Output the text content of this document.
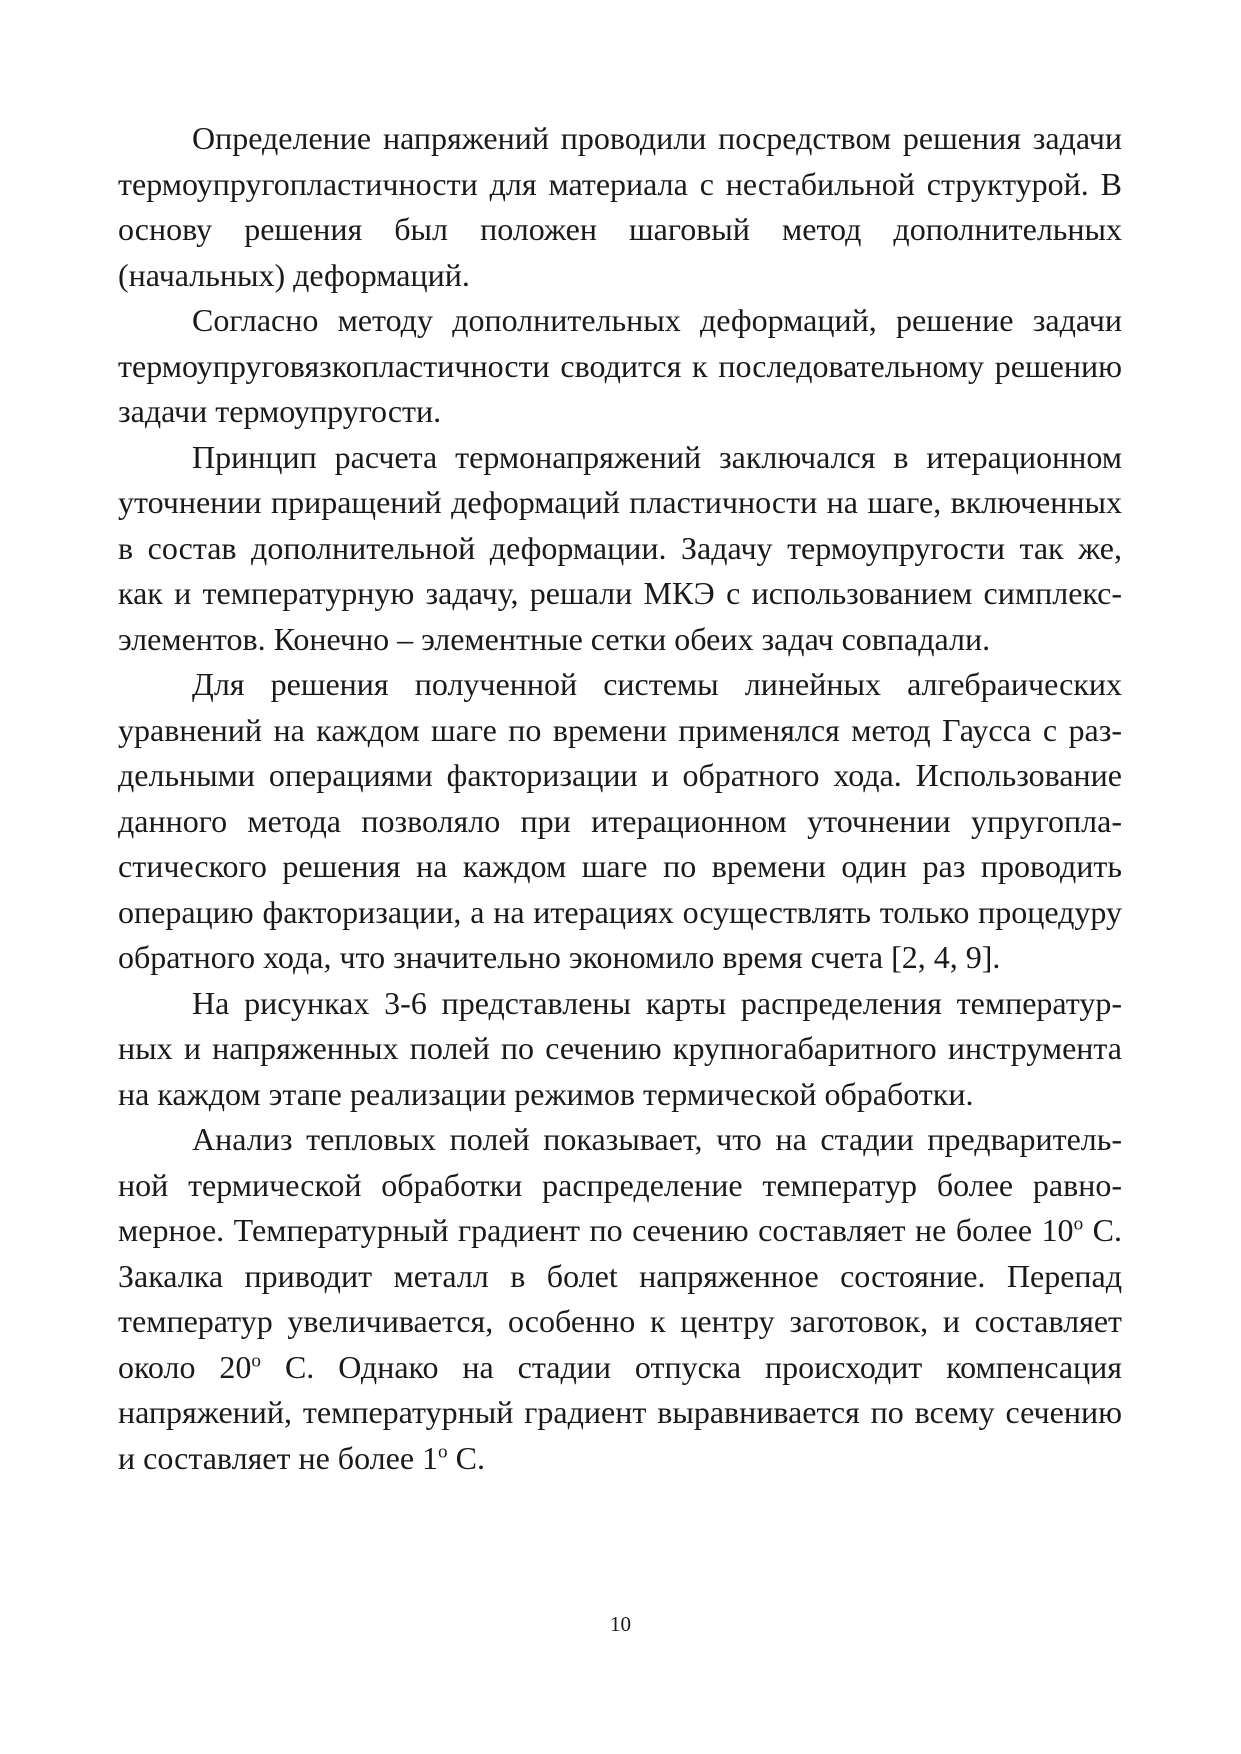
Определение напряжений проводили посредством решения задачи термоупругопластичности для материала с нестабильной структурой. В основу решения был положен шаговый метод дополнительных (начальных) деформаций.

Согласно методу дополнительных деформаций, решение задачи термоупруговязкопластичности сводится к последовательному решению задачи термоупругости.

Принцип расчета термонапряжений заключался в итерационном уточнении приращений деформаций пластичности на шаге, включенных в состав дополнительной деформации. Задачу термоупругости так же, как и температурную задачу, решали МКЭ с использованием симплекс-элементов. Конечно – элементные сетки обеих задач совпадали.

Для решения полученной системы линейных алгебраических уравнений на каждом шаге по времени применялся метод Гаусса с раздельными операциями факторизации и обратного хода. Использование данного метода позволяло при итерационном уточнении упругопластического решения на каждом шаге по времени один раз проводить операцию факторизации, а на итерациях осуществлять только процедуру обратного хода, что значительно экономило время счета [2, 4, 9].

На рисунках 3-6 представлены карты распределения температурных и напряженных полей по сечению крупногабаритного инструмента на каждом этапе реализации режимов термической обработки.

Анализ тепловых полей показывает, что на стадии предварительной термической обработки распределение температур более равномерное. Температурный градиент по сечению составляет не более 10$^o$ С. Закалка приводит металл в болеt напряженное состояние. Перепад температур увеличивается, особенно к центру заготовок, и составляет около 20$^o$ С. Однако на стадии отпуска происходит компенсация напряжений, температурный градиент выравнивается по всему сечению и составляет не более 1$^o$ С.

10
